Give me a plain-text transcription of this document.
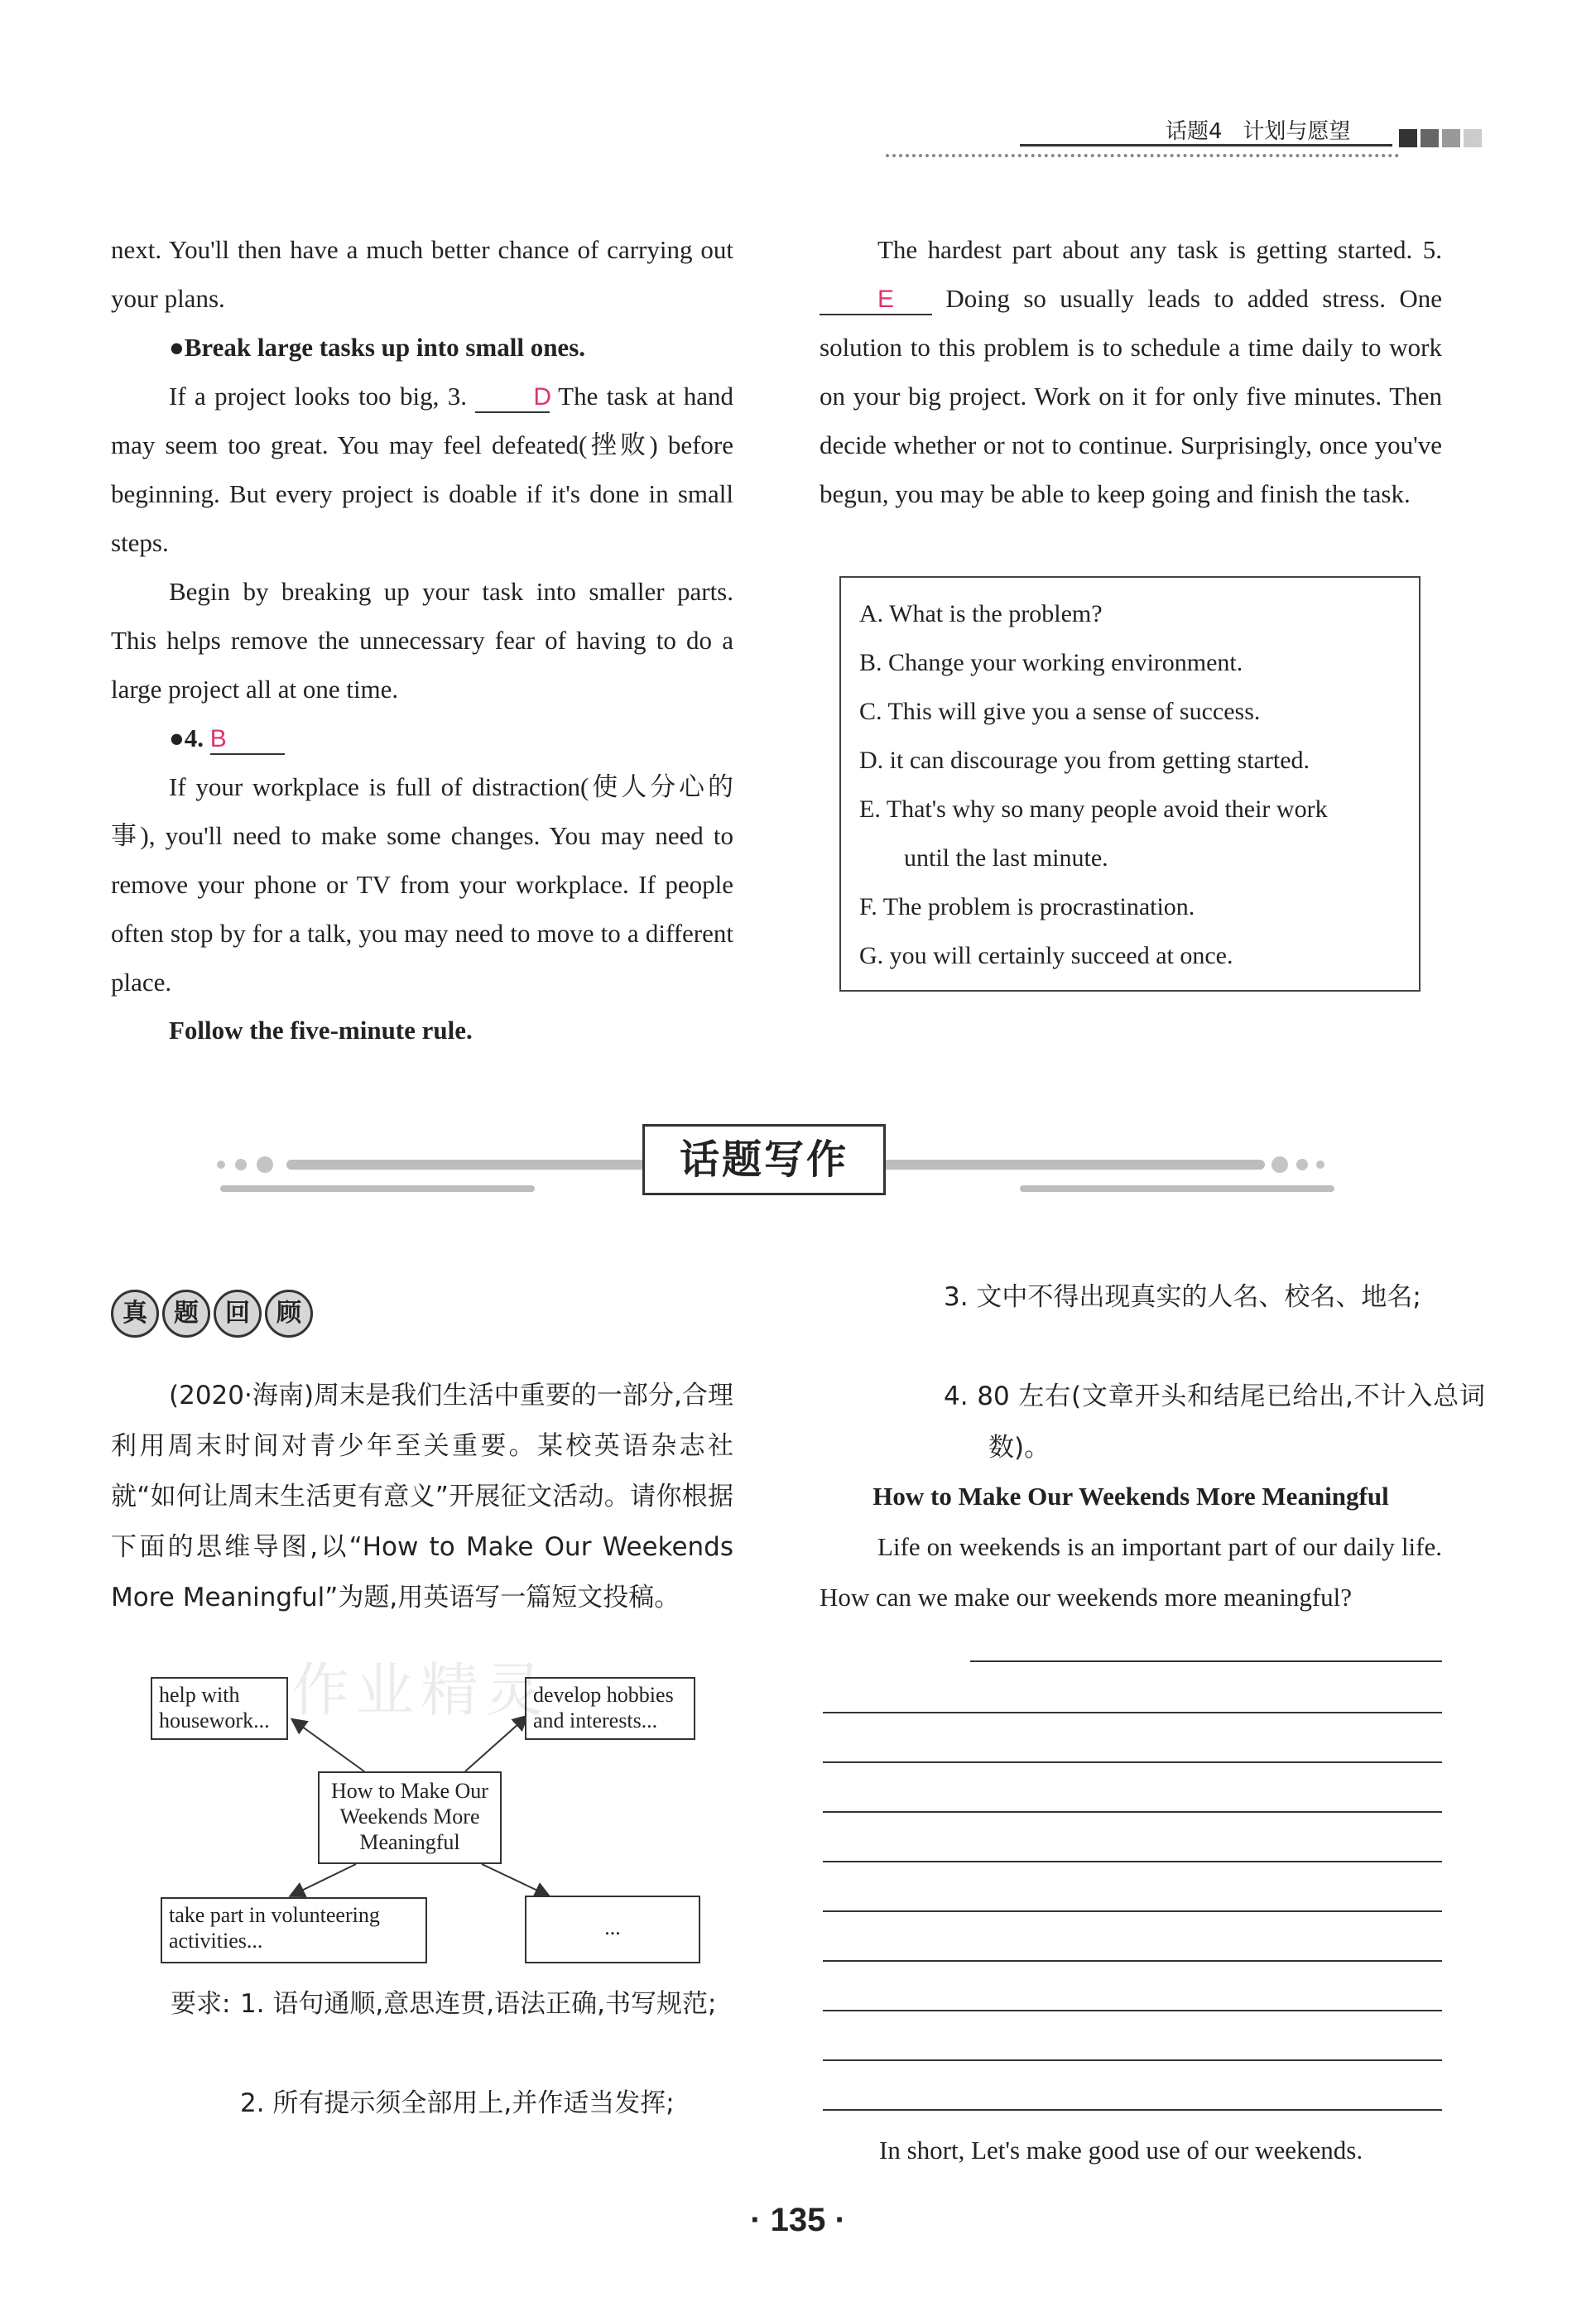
话题4 计划与愿望
next. You'll then have a much better chance of carrying out your plans.
●Break large tasks up into small ones.
If a project looks too big, 3.	D The task at hand may seem too great. You may feel defeated(挫败) before beginning. But every project is doable if it's done in small steps.
Begin by breaking up your task into smaller parts. This helps remove the unnecessary fear of having to do a large project all at one time.
●4. B
If your workplace is full of distraction(使人分心的事), you'll need to make some changes. You may need to remove your phone or TV from your workplace. If people often stop by for a talk, you may need to move to a different place.
Follow the five-minute rule.
The hardest part about any task is getting started. 5. E Doing so usually leads to added stress. One solution to this problem is to schedule a time daily to work on your big project. Work on it for only five minutes. Then decide whether or not to continue. Surprisingly, once you've begun, you may be able to keep going and finish the task.
A. What is the problem?
B. Change your working environment.
C. This will give you a sense of success.
D. it can discourage you from getting started.
E. That's why so many people avoid their work
until the last minute.
F. The problem is procrastination.
G. you will certainly succeed at once.
话题写作
真	题	回	顾
(2020·海南)周末是我们生活中重要的一部分,合理利用周末时间对青少年至关重要。某校英语杂志社就“如何让周末生活更有意义”开展征文活动。请你根据下面的思维导图,以“How to Make Our Weekends More Meaningful”为题,用英语写一篇短文投稿。
help with housework...
develop hobbies and interests...
How to Make Our Weekends More Meaningful
take part in volunteering activities...
...
要求: 1. 语句通顺,意思连贯,语法正确,书写规范;
2. 所有提示须全部用上,并作适当发挥;
3. 文中不得出现真实的人名、校名、地名;
4. 80 左右(文章开头和结尾已给出,不计入总词数)。
How to Make Our Weekends More Meaningful
Life on weekends is an important part of our daily life. How can we make our weekends more meaningful?
In short, Let's make good use of our weekends.
作业精灵
· 135 ·
